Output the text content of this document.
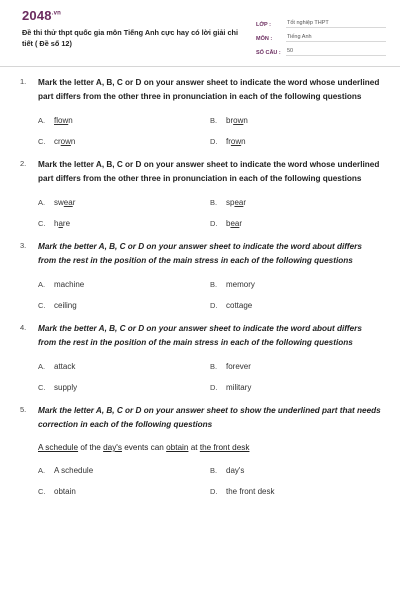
$2048^{.vn}$
Đề thi thử thpt quốc gia môn Tiếng Anh cực hay có lời giải chi tiết ( Đề số 12)
LỚP :	Tốt nghiệp THPT
MÔN :	Tiếng Anh
SỐ CÂU :	50
1.	Mark the letter A, B, C or D on your answer sheet to indicate the word whose underlined part differs from the other three in pronunciation in each of the following questions
A.	flown	B.	brown
C.	crown	D.	frown
2.	Mark the letter A, B, C or D on your answer sheet to indicate the word whose underlined part differs from the other three in pronunciation in each of the following questions
A.	swear	B.	spear
C.	hare	D.	bear
3.	Mark the better A, B, C or D on your answer sheet to indicate the word about differs from the rest in the position of the main stress in each of the following questions
A.	machine	B.	memory
C.	ceiling	D.	cottage
4.	Mark the better A, B, C or D on your answer sheet to indicate the word about differs from the rest in the position of the main stress in each of the following questions
A.	attack	B.	forever
C.	supply	D.	military
5.	Mark the letter A, B, C or D on your answer sheet to show the underlined part that needs correction in each of the following questions
A schedule of the day's events can obtain at the front desk
A.	A schedule	B.	day's
C.	obtain	D.	the front desk
